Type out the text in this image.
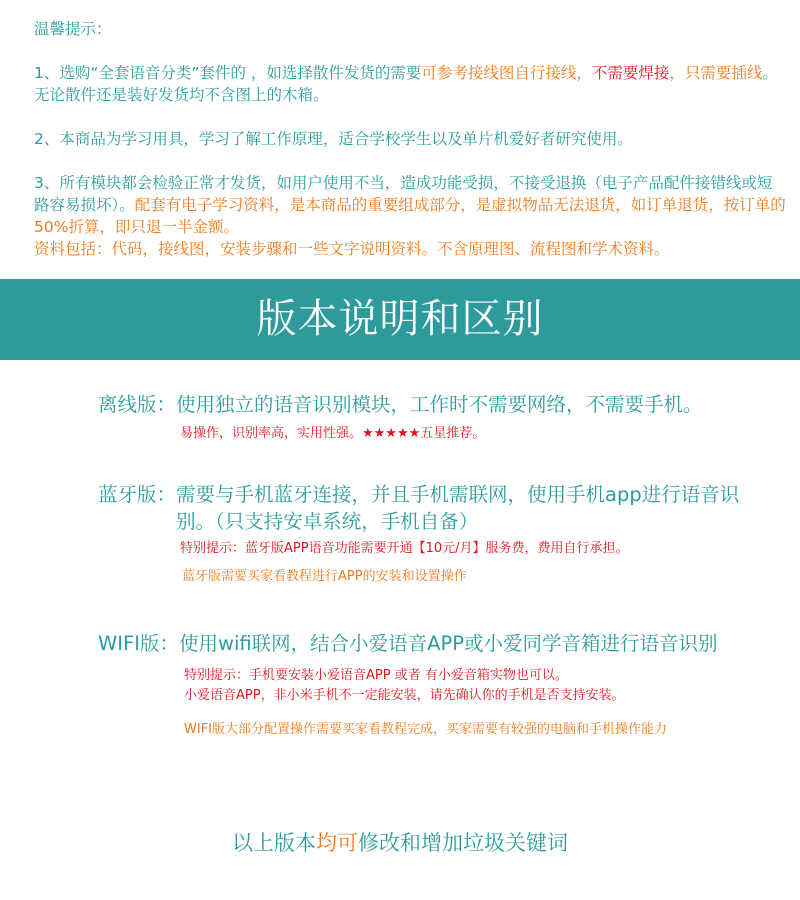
温馨提示：

1、选购“全套语音分类”套件的 ，如选择散件发货的需要可参考接线图自行接线，不需要焊接，只需要插线。无论散件还是装好发货均不含图上的木箱。

2、本商品为学习用具，学习了解工作原理，适合学校学生以及单片机爱好者研究使用。

3、所有模块都会检验正常才发货，如用户使用不当，造成功能受损，不接受退换（电子产品配件接错线或短路容易损坏）。配套有电子学习资料，是本商品的重要组成部分，是虚拟物品无法退货，如订单退货，按订单的50%折算，即只退一半金额。

资料包括：代码，接线图，安装步骤和一些文字说明资料。不含原理图、流程图和学术资料。

版本说明和区别
离线版： 使用独立的语音识别模块，工作时不需要网络，不需要手机。

易操作，识别率高，实用性强。★★★★★五星推荐。

蓝牙版： 需要与手机蓝牙连接，并且手机需联网，使用手机app进行语音识别。（只支持安卓系统，手机自备）

特别提示：蓝牙版APP语音功能需要开通【10元/月】服务费，费用自行承担。

蓝牙版需要买家看教程进行APP的安装和设置操作

WIFI版： 使用wifi联网，结合小爱语音APP或小爱同学音箱进行语音识别

特别提示：手机要安装小爱语音APP 或者 有小爱音箱实物也可以。

小爱语音APP，非小米手机不一定能安装，请先确认你的手机是否支持安装。

WIFI版大部分配置操作需要买家看教程完成，买家需要有较强的电脑和手机操作能力

以上版本均可修改和增加垃圾关键词
